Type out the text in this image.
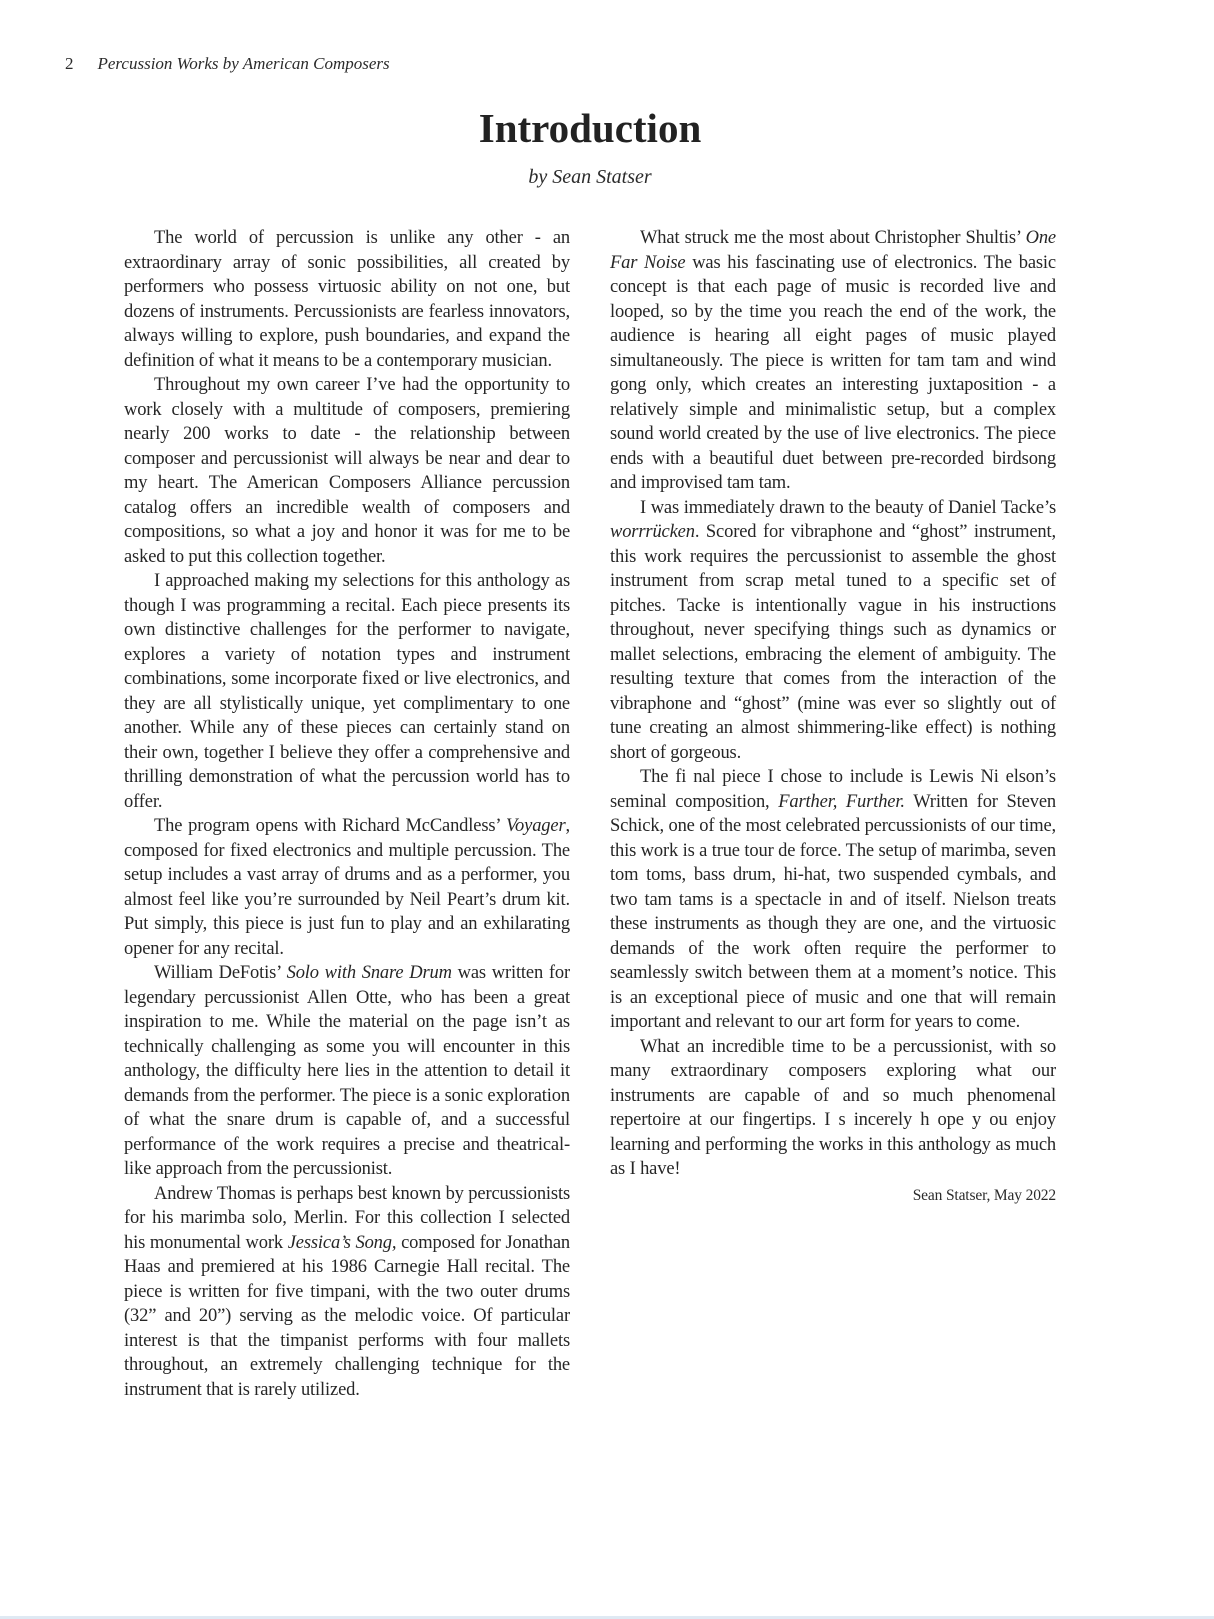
2 Percussion Works by American Composers
Introduction
by Sean Statser

The world of percussion is unlike any other - an extraordinary array of sonic possibilities, all created by performers who possess virtuosic ability on not one, but dozens of instruments. Percussionists are fearless innovators, always willing to explore, push boundaries, and expand the definition of what it means to be a contemporary musician.

Throughout my own career I’ve had the opportunity to work closely with a multitude of composers, premiering nearly 200 works to date - the relationship between composer and percussionist will always be near and dear to my heart. The American Composers Alliance percussion catalog offers an incredible wealth of composers and compositions, so what a joy and honor it was for me to be asked to put this collection together.

I approached making my selections for this anthology as though I was programming a recital. Each piece presents its own distinctive challenges for the performer to navigate, explores a variety of notation types and instrument combinations, some incorporate fixed or live electronics, and they are all stylistically unique, yet complimentary to one another. While any of these pieces can certainly stand on their own, together I believe they offer a comprehensive and thrilling demonstration of what the percussion world has to offer.

The program opens with Richard McCandless’ Voyager, composed for fixed electronics and multiple percussion. The setup includes a vast array of drums and as a performer, you almost feel like you’re surrounded by Neil Peart’s drum kit. Put simply, this piece is just fun to play and an exhilarating opener for any recital.

William DeFotis’ Solo with Snare Drum was written for legendary percussionist Allen Otte, who has been a great inspiration to me. While the material on the page isn’t as technically challenging as some you will encounter in this anthology, the difficulty here lies in the attention to detail it demands from the performer. The piece is a sonic exploration of what the snare drum is capable of, and a successful performance of the work requires a precise and theatrical-like approach from the percussionist.

Andrew Thomas is perhaps best known by percussionists for his marimba solo, Merlin. For this collection I selected his monumental work Jessica’s Song, composed for Jonathan Haas and premiered at his 1986 Carnegie Hall recital. The piece is written for five timpani, with the two outer drums (32” and 20”) serving as the melodic voice. Of particular interest is that the timpanist performs with four mallets throughout, an extremely challenging technique for the instrument that is rarely utilized.

What struck me the most about Christopher Shultis’ One Far Noise was his fascinating use of electronics. The basic concept is that each page of music is recorded live and looped, so by the time you reach the end of the work, the audience is hearing all eight pages of music played simultaneously. The piece is written for tam tam and wind gong only, which creates an interesting juxtaposition - a relatively simple and minimalistic setup, but a complex sound world created by the use of live electronics. The piece ends with a beautiful duet between pre-recorded birdsong and improvised tam tam.

I was immediately drawn to the beauty of Daniel Tacke’s worrrücken. Scored for vibraphone and “ghost” instrument, this work requires the percussionist to assemble the ghost instrument from scrap metal tuned to a specific set of pitches. Tacke is intentionally vague in his instructions throughout, never specifying things such as dynamics or mallet selections, embracing the element of ambiguity. The resulting texture that comes from the interaction of the vibraphone and “ghost” (mine was ever so slightly out of tune creating an almost shimmering-like effect) is nothing short of gorgeous.

The fi nal piece I chose to include is Lewis Ni elson’s seminal composition, Farther, Further. Written for Steven Schick, one of the most celebrated percussionists of our time, this work is a true tour de force. The setup of marimba, seven tom toms, bass drum, hi-hat, two suspended cymbals, and two tam tams is a spectacle in and of itself. Nielson treats these instruments as though they are one, and the virtuosic demands of the work often require the performer to seamlessly switch between them at a moment’s notice. This is an exceptional piece of music and one that will remain important and relevant to our art form for years to come.

What an incredible time to be a percussionist, with so many extraordinary composers exploring what our instruments are capable of and so much phenomenal repertoire at our fingertips. I s incerely h ope y ou enjoy learning and performing the works in this anthology as much as I have!

Sean Statser, May 2022
